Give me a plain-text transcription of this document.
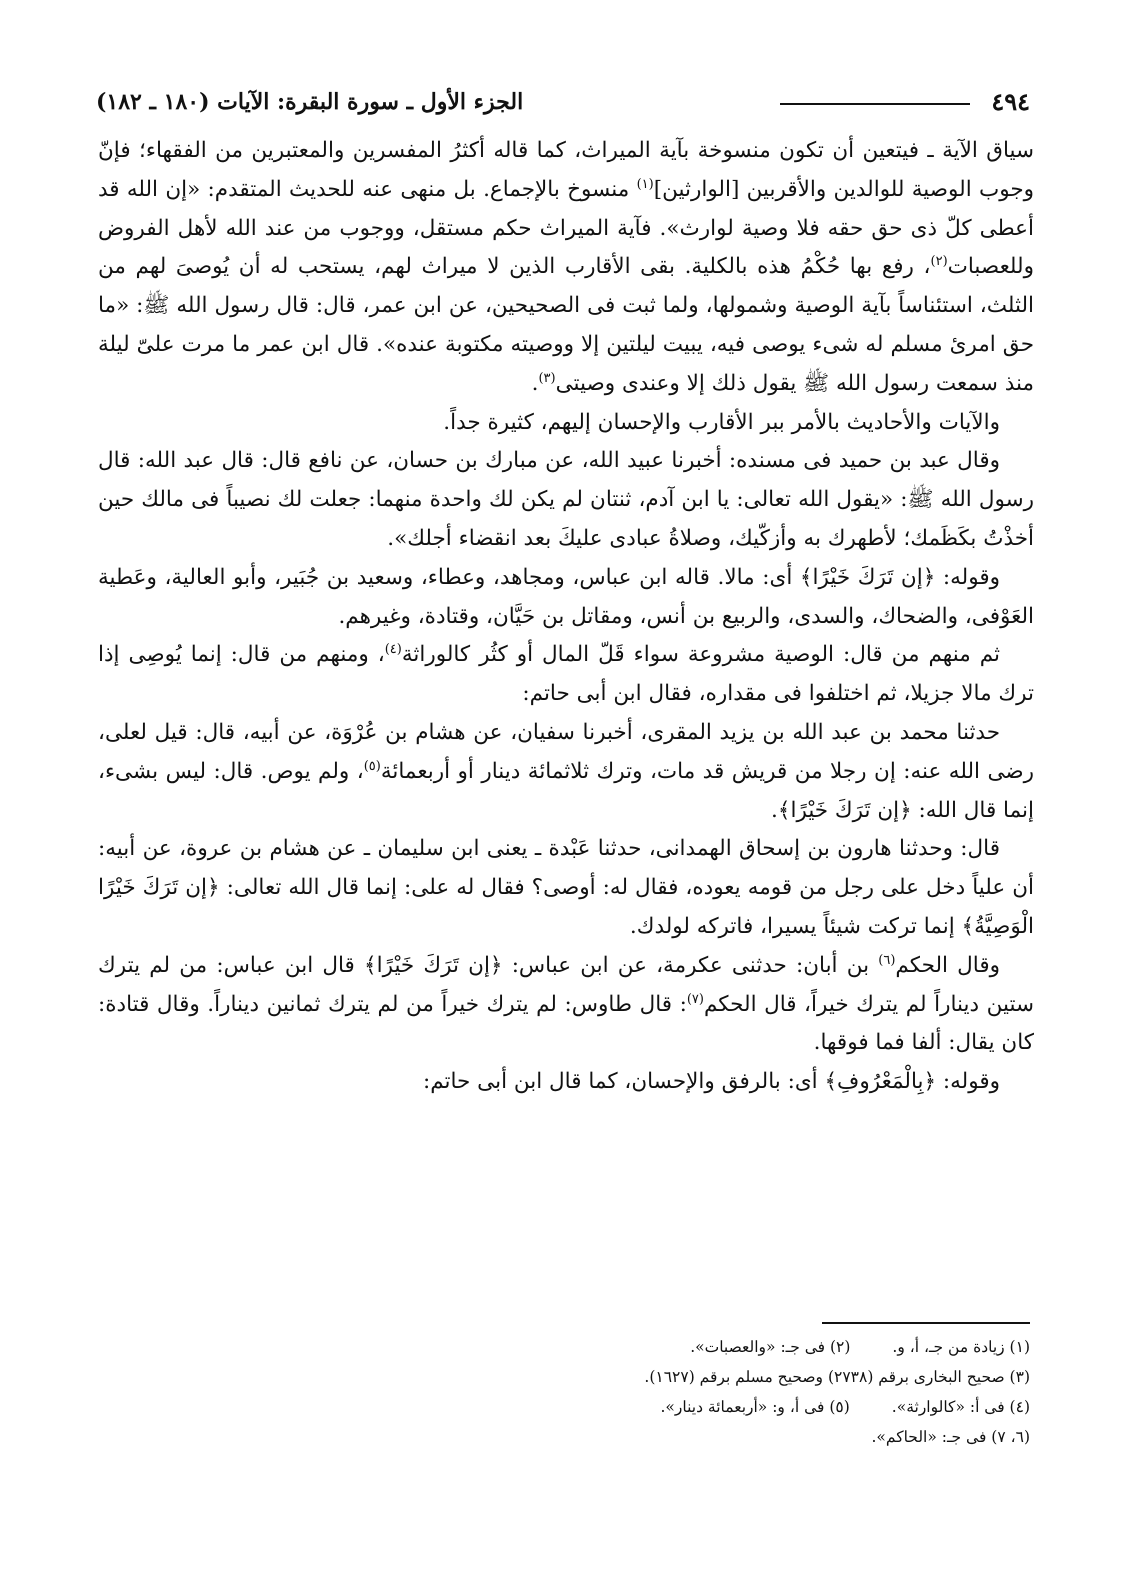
٤٩٤
الجزء الأول ـ سورة البقرة: الآيات (١٨٠ ـ ١٨٢)

سياق الآية ـ فيتعين أن تكون منسوخة بآية الميراث، كما قاله أكثرُ المفسرين والمعتبرين من الفقهاء؛ فإنّ وجوب الوصية للوالدين والأقربين [الوارثين]$^{(١)}$ منسوخ بالإجماع. بل منهى عنه للحديث المتقدم: «إن الله قد أعطى كلّ ذى حق حقه فلا وصية لوارث». فآية الميراث حكم مستقل، ووجوب من عند الله لأهل الفروض وللعصبات$^{(٢)}$، رفع بها حُكْمُ هذه بالكلية. بقى الأقارب الذين لا ميراث لهم، يستحب له أن يُوصىَ لهم من الثلث، استئناساً بآية الوصية وشمولها، ولما ثبت فى الصحيحين، عن ابن عمر، قال: قال رسول الله ﷺ: «ما حق امرئ مسلم له شىء يوصى فيه، يبيت ليلتين إلا ووصيته مكتوبة عنده». قال ابن عمر ما مرت علىّ ليلة منذ سمعت رسول الله ﷺ يقول ذلك إلا وعندى وصيتى$^{(٣)}$.

والآيات والأحاديث بالأمر ببر الأقارب والإحسان إليهم، كثيرة جداً.

وقال عبد بن حميد فى مسنده: أخبرنا عبيد الله، عن مبارك بن حسان، عن نافع قال: قال عبد الله: قال رسول الله ﷺ: «يقول الله تعالى: يا ابن آدم، ثنتان لم يكن لك واحدة منهما: جعلت لك نصيباً فى مالك حين أخذْتُ بكَظَمك؛ لأطهرك به وأزكّيك، وصلاةُ عبادى عليكَ بعد انقضاء أجلك».

وقوله: ﴿إن تَرَكَ خَيْرًا﴾ أى: مالا. قاله ابن عباس، ومجاهد، وعطاء، وسعيد بن جُبَير، وأبو العالية، وعَطية العَوْفى، والضحاك، والسدى، والربيع بن أنس، ومقاتل بن حَيَّان، وقتادة، وغيرهم.

ثم منهم من قال: الوصية مشروعة سواء قَلّ المال أو كثُر كالوراثة$^{(٤)}$، ومنهم من قال: إنما يُوصِى إذا ترك مالا جزيلا، ثم اختلفوا فى مقداره، فقال ابن أبى حاتم:

حدثنا محمد بن عبد الله بن يزيد المقرى، أخبرنا سفيان، عن هشام بن عُرْوَة، عن أبيه، قال: قيل لعلى، رضى الله عنه: إن رجلا من قريش قد مات، وترك ثلاثمائة دينار أو أربعمائة$^{(٥)}$، ولم يوص. قال: ليس بشىء، إنما قال الله: ﴿إن تَرَكَ خَيْرًا﴾.

قال: وحدثنا هارون بن إسحاق الهمدانى، حدثنا عَبْدة ـ يعنى ابن سليمان ـ عن هشام بن عروة، عن أبيه: أن علياً دخل على رجل من قومه يعوده، فقال له: أوصى؟ فقال له على: إنما قال الله تعالى: ﴿إن تَرَكَ خَيْرًا الْوَصِيَّةُ﴾ إنما تركت شيئاً يسيرا، فاتركه لولدك.

وقال الحكم$^{(٦)}$ بن أبان: حدثنى عكرمة، عن ابن عباس: ﴿إن تَرَكَ خَيْرًا﴾ قال ابن عباس: من لم يترك ستين ديناراً لم يترك خيراً، قال الحكم$^{(٧)}$: قال طاوس: لم يترك خيراً من لم يترك ثمانين ديناراً. وقال قتادة: كان يقال: ألفا فما فوقها.

وقوله: ﴿بِالْمَعْرُوفِ﴾ أى: بالرفق والإحسان، كما قال ابن أبى حاتم:

(١) زيادة من جـ، أ، و.(٢) فى جـ: «والعصبات».
(٣) صحيح البخارى برقم (٢٧٣٨) وصحيح مسلم برقم (١٦٢٧).
(٤) فى أ: «كالوارثة».(٥) فى أ، و: «أربعمائة دينار».
(٦، ٧) فى جـ: «الحاكم».
